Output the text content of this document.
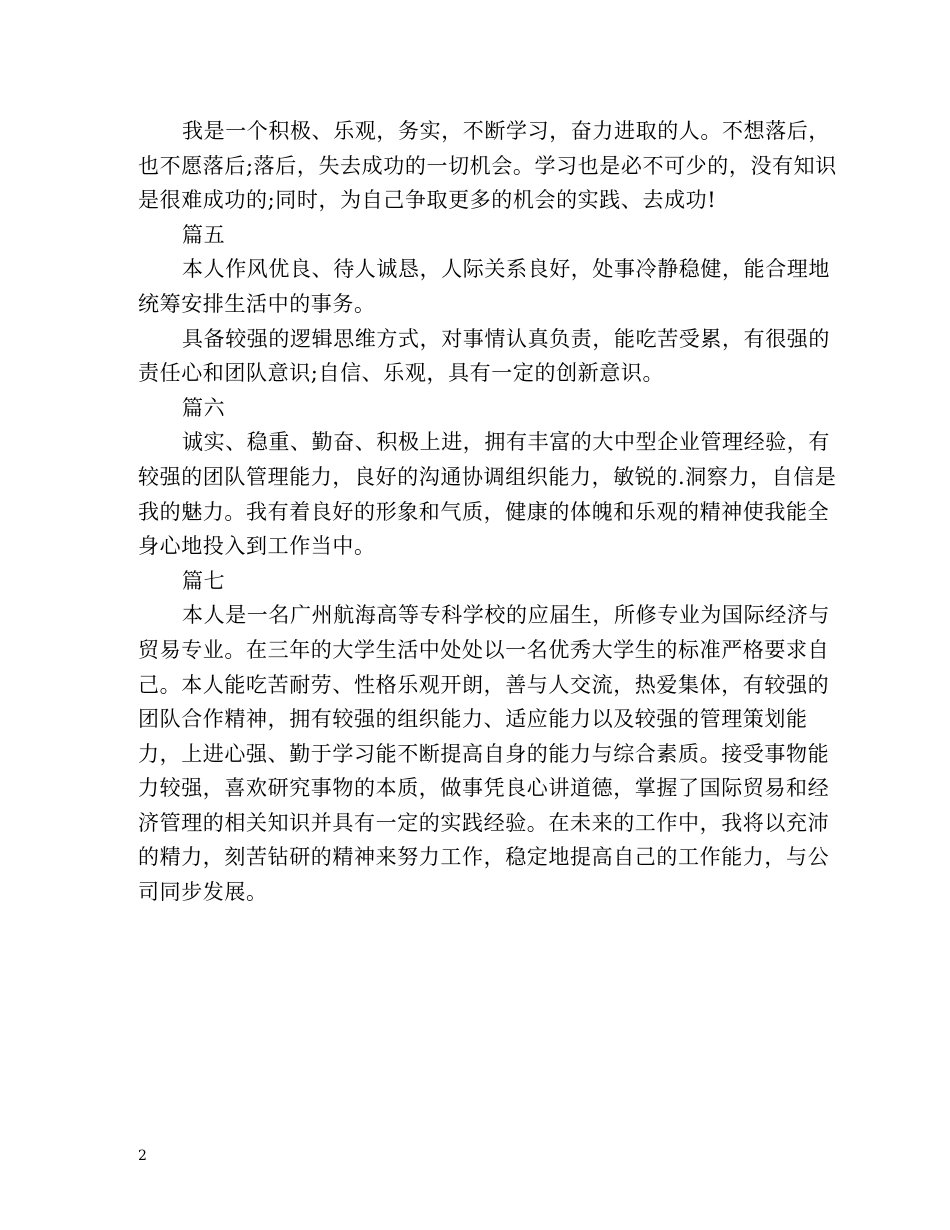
我是一个积极、乐观，务实，不断学习，奋力进取的人。不想落后，也不愿落后;落后，失去成功的一切机会。学习也是必不可少的，没有知识是很难成功的;同时，为自己争取更多的机会的实践、去成功!

篇五

本人作风优良、待人诚恳，人际关系良好，处事冷静稳健，能合理地统筹安排生活中的事务。

具备较强的逻辑思维方式，对事情认真负责，能吃苦受累，有很强的责任心和团队意识;自信、乐观，具有一定的创新意识。

篇六

诚实、稳重、勤奋、积极上进，拥有丰富的大中型企业管理经验，有较强的团队管理能力，良好的沟通协调组织能力，敏锐的.洞察力，自信是我的魅力。我有着良好的形象和气质，健康的体魄和乐观的精神使我能全身心地投入到工作当中。

篇七

本人是一名广州航海高等专科学校的应届生，所修专业为国际经济与贸易专业。在三年的大学生活中处处以一名优秀大学生的标准严格要求自己。本人能吃苦耐劳、性格乐观开朗，善与人交流，热爱集体，有较强的团队合作精神，拥有较强的组织能力、适应能力以及较强的管理策划能力，上进心强、勤于学习能不断提高自身的能力与综合素质。接受事物能力较强，喜欢研究事物的本质，做事凭良心讲道德，掌握了国际贸易和经济管理的相关知识并具有一定的实践经验。在未来的工作中，我将以充沛的精力，刻苦钻研的精神来努力工作，稳定地提高自己的工作能力，与公司同步发展。

2
